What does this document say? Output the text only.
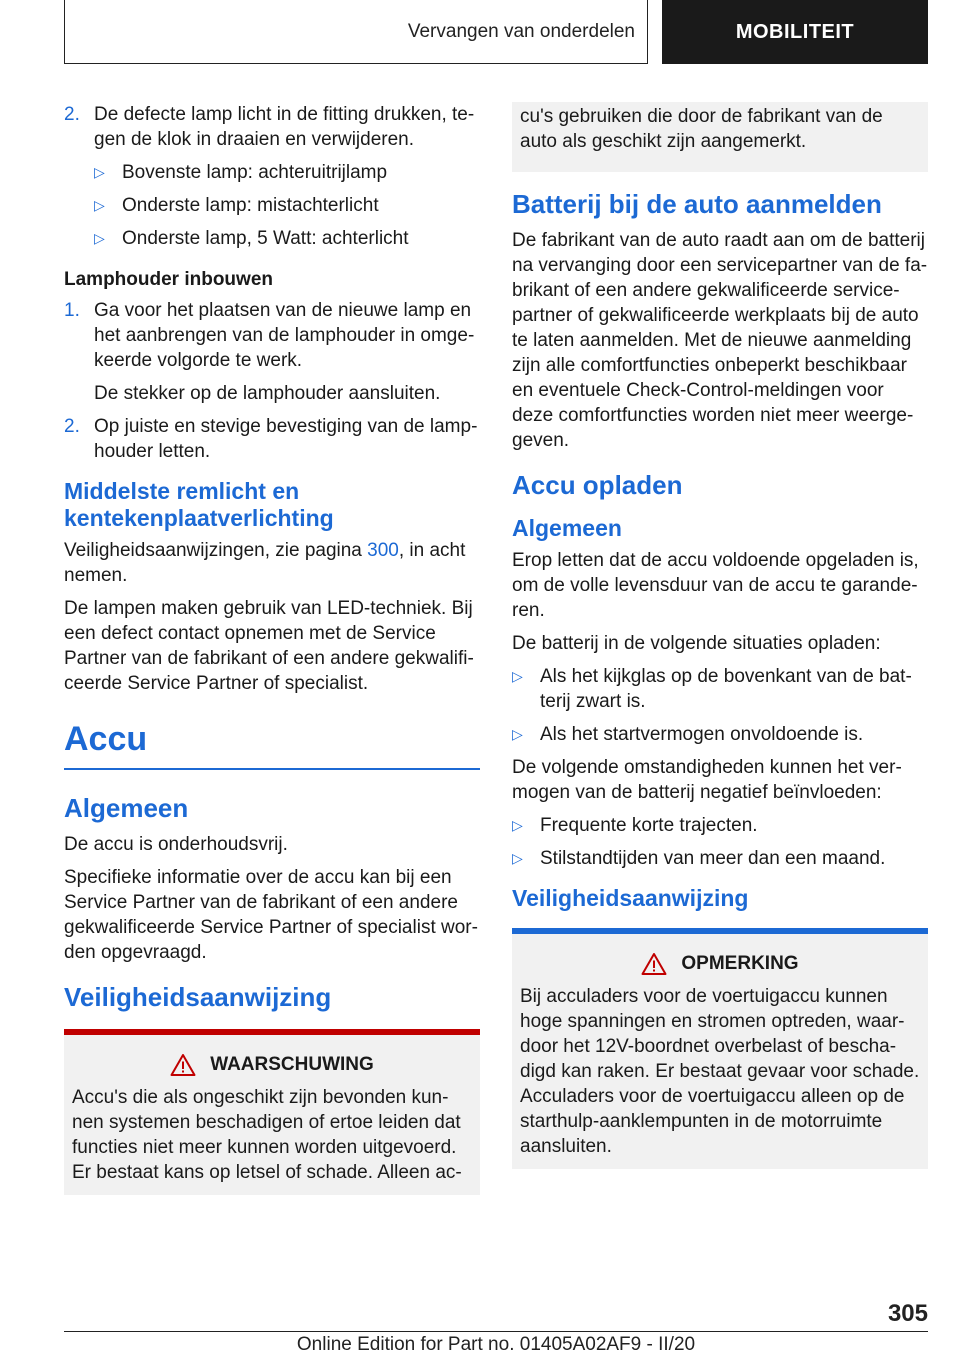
Vervangen van onderdelen	MOBILITEIT
2. De defecte lamp licht in de fitting drukken, tegen de klok in draaien en verwijderen.
▷ Bovenste lamp: achteruitrijlamp
▷ Onderste lamp: mistachterlicht
▷ Onderste lamp, 5 Watt: achterlicht
Lamphouder inbouwen
1. Ga voor het plaatsen van de nieuwe lamp en het aanbrengen van de lamphouder in omgekeerde volgorde te werk.

De stekker op de lamphouder aansluiten.

2. Op juiste en stevige bevestiging van de lamphouder letten.
Middelste remlicht en kentekenplaatverlichting

Veiligheidsaanwijzingen, zie pagina 300, in acht nemen.

De lampen maken gebruik van LED-techniek. Bij een defect contact opnemen met de Service Partner van de fabrikant of een andere gekwalificeerde Service Partner of specialist.

Accu
Algemeen

De accu is onderhoudsvrij.

Specifieke informatie over de accu kan bij een Service Partner van de fabrikant of een andere gekwalificeerde Service Partner of specialist worden opgevraagd.

Veiligheidsaanwijzing
WAARSCHUWING

Accu's die als ongeschikt zijn bevonden kunnen systemen beschadigen of ertoe leiden dat functies niet meer kunnen worden uitgevoerd. Er bestaat kans op letsel of schade. Alleen ac-

cu's gebruiken die door de fabrikant van de auto als geschikt zijn aangemerkt.

Batterij bij de auto aanmelden

De fabrikant van de auto raadt aan om de batterij na vervanging door een servicepartner van de fabrikant of een andere gekwalificeerde servicepartner of gekwalificeerde werkplaats bij de auto te laten aanmelden. Met de nieuwe aanmelding zijn alle comfortfuncties onbeperkt beschikbaar en eventuele Check-Control-meldingen voor deze comfortfuncties worden niet meer weergegeven.

Accu opladen
Algemeen

Erop letten dat de accu voldoende opgeladen is, om de volle levensduur van de accu te garanderen.

De batterij in de volgende situaties opladen:

▷ Als het kijkglas op de bovenkant van de batterij zwart is.
▷ Als het startvermogen onvoldoende is.

De volgende omstandigheden kunnen het vermogen van de batterij negatief beïnvloeden:

▷ Frequente korte trajecten.
▷ Stilstandtijden van meer dan een maand.
Veiligheidsaanwijzing
OPMERKING

Bij acculaders voor de voertuigaccu kunnen hoge spanningen en stromen optreden, waardoor het 12V-boordnet overbelast of beschadigd kan raken. Er bestaat gevaar voor schade. Acculaders voor de voertuigaccu alleen op de starthulp-aanklempunten in de motorruimte aansluiten.

305
Online Edition for Part no. 01405A02AF9 - II/20
